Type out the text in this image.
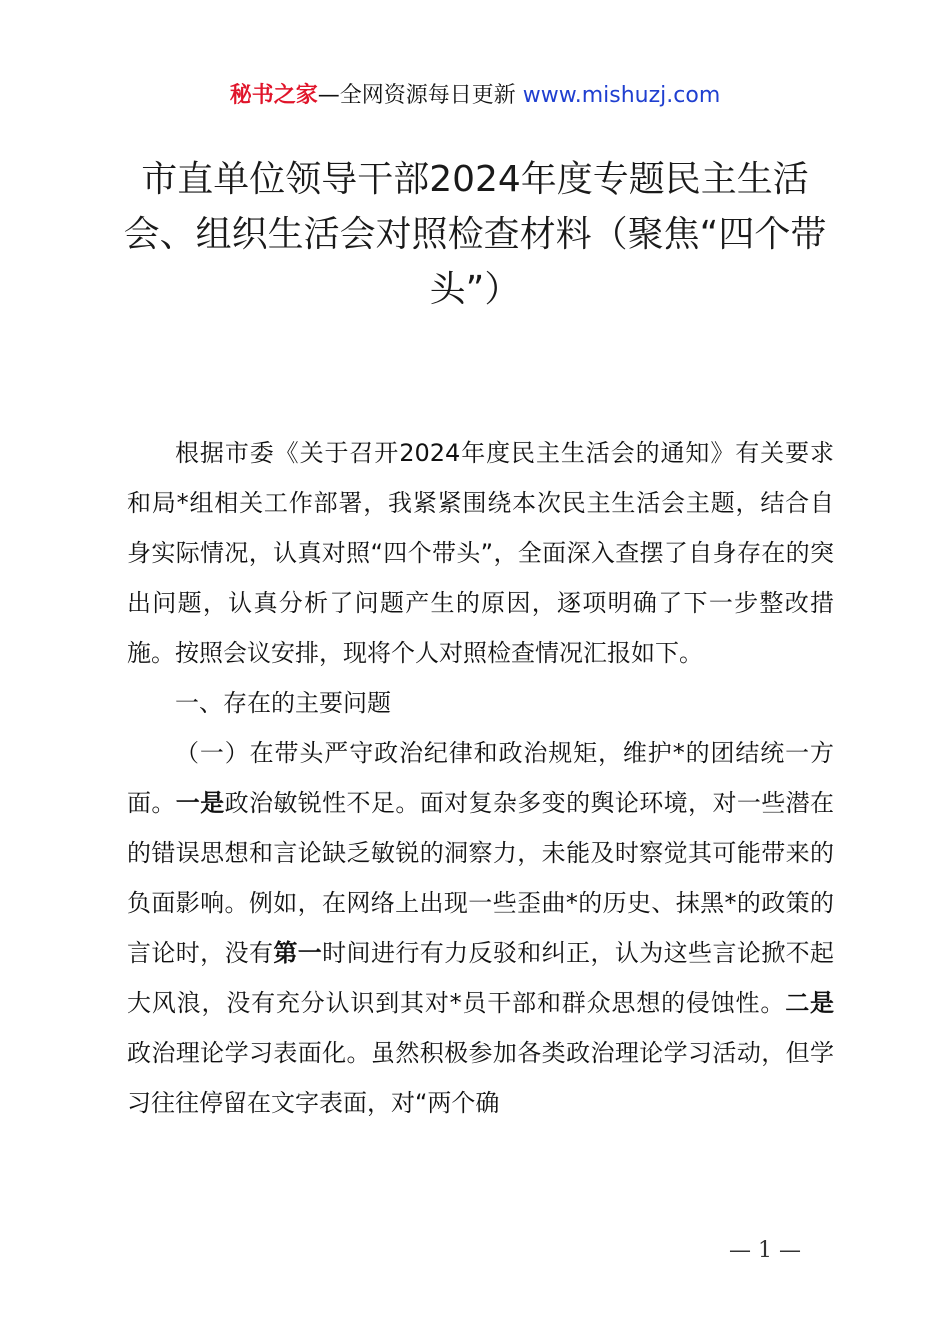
秘书之家—全网资源每日更新 www.mishuzj.com
市直单位领导干部2024年度专题民主生活会、组织生活会对照检查材料（聚焦“四个带头”）

根据市委《关于召开2024年度民主生活会的通知》有关要求和局*组相关工作部署，我紧紧围绕本次民主生活会主题，结合自身实际情况，认真对照“四个带头”，全面深入查摆了自身存在的突出问题，认真分析了问题产生的原因，逐项明确了下一步整改措施。按照会议安排，现将个人对照检查情况汇报如下。

一、存在的主要问题

（一）在带头严守政治纪律和政治规矩，维护*的团结统一方面。一是政治敏锐性不足。面对复杂多变的舆论环境，对一些潜在的错误思想和言论缺乏敏锐的洞察力，未能及时察觉其可能带来的负面影响。例如，在网络上出现一些歪曲*的历史、抹黑*的政策的言论时，没有第一时间进行有力反驳和纠正，认为这些言论掀不起大风浪，没有充分认识到其对*员干部和群众思想的侵蚀性。二是政治理论学习表面化。虽然积极参加各类政治理论学习活动，但学习往往停留在文字表面，对“两个确

— 1 —
